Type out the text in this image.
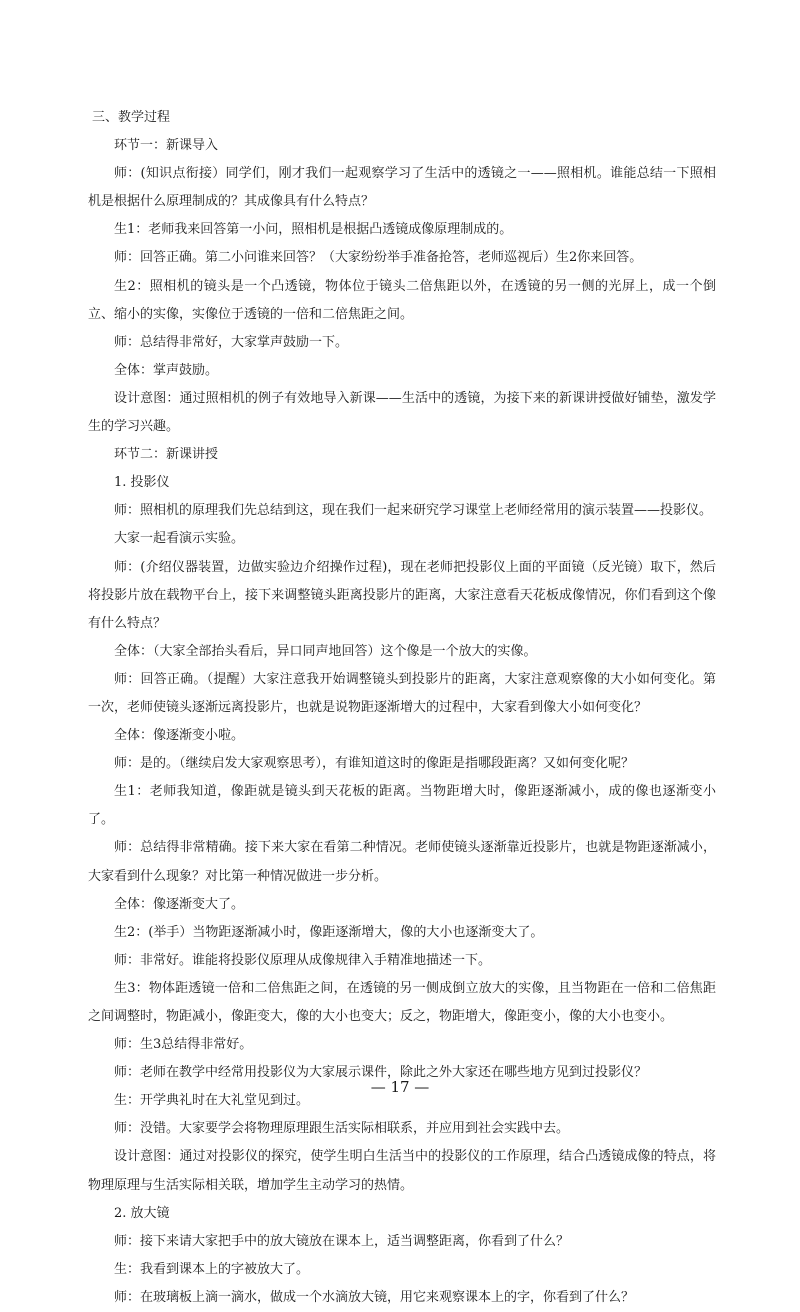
三、教学过程

环节一：新课导入

师：(知识点衔接）同学们，刚才我们一起观察学习了生活中的透镜之一——照相机。谁能总结一下照相机是根据什么原理制成的？其成像具有什么特点？

生1：老师我来回答第一小问，照相机是根据凸透镜成像原理制成的。

师：回答正确。第二小问谁来回答？（大家纷纷举手准备抢答，老师巡视后）生2你来回答。

生2：照相机的镜头是一个凸透镜，物体位于镜头二倍焦距以外，在透镜的另一侧的光屏上，成一个倒立、缩小的实像，实像位于透镜的一倍和二倍焦距之间。

师：总结得非常好，大家掌声鼓励一下。

全体：掌声鼓励。

设计意图：通过照相机的例子有效地导入新课——生活中的透镜，为接下来的新课讲授做好铺垫，激发学生的学习兴趣。

环节二：新课讲授

1. 投影仪

师：照相机的原理我们先总结到这，现在我们一起来研究学习课堂上老师经常用的演示装置——投影仪。

大家一起看演示实验。

师：(介绍仪器装置，边做实验边介绍操作过程)，现在老师把投影仪上面的平面镜（反光镜）取下，然后将投影片放在载物平台上，接下来调整镜头距离投影片的距离，大家注意看天花板成像情况，你们看到这个像有什么特点？

全体：（大家全部抬头看后，异口同声地回答）这个像是一个放大的实像。

师：回答正确。（提醒）大家注意我开始调整镜头到投影片的距离，大家注意观察像的大小如何变化。第一次，老师使镜头逐渐远离投影片，也就是说物距逐渐增大的过程中，大家看到像大小如何变化？

全体：像逐渐变小啦。

师：是的。（继续启发大家观察思考），有谁知道这时的像距是指哪段距离？又如何变化呢？

生1：老师我知道，像距就是镜头到天花板的距离。当物距增大时，像距逐渐减小，成的像也逐渐变小了。

师：总结得非常精确。接下来大家在看第二种情况。老师使镜头逐渐靠近投影片，也就是物距逐渐减小，大家看到什么现象？对比第一种情况做进一步分析。

全体：像逐渐变大了。

生2：(举手）当物距逐渐减小时，像距逐渐增大，像的大小也逐渐变大了。

师：非常好。谁能将投影仪原理从成像规律入手精准地描述一下。

生3：物体距透镜一倍和二倍焦距之间，在透镜的另一侧成倒立放大的实像，且当物距在一倍和二倍焦距之间调整时，物距减小，像距变大，像的大小也变大；反之，物距增大，像距变小，像的大小也变小。

师：生3总结得非常好。

师：老师在教学中经常用投影仪为大家展示课件，除此之外大家还在哪些地方见到过投影仪？

生：开学典礼时在大礼堂见到过。

师：没错。大家要学会将物理原理跟生活实际相联系，并应用到社会实践中去。

设计意图：通过对投影仪的探究，使学生明白生活当中的投影仪的工作原理，结合凸透镜成像的特点，将物理原理与生活实际相关联，增加学生主动学习的热情。

2. 放大镜

师：接下来请大家把手中的放大镜放在课本上，适当调整距离，你看到了什么？

生：我看到课本上的字被放大了。

师：在玻璃板上滴一滴水，做成一个水滴放大镜，用它来观察课本上的字，你看到了什么？

— 17 —
